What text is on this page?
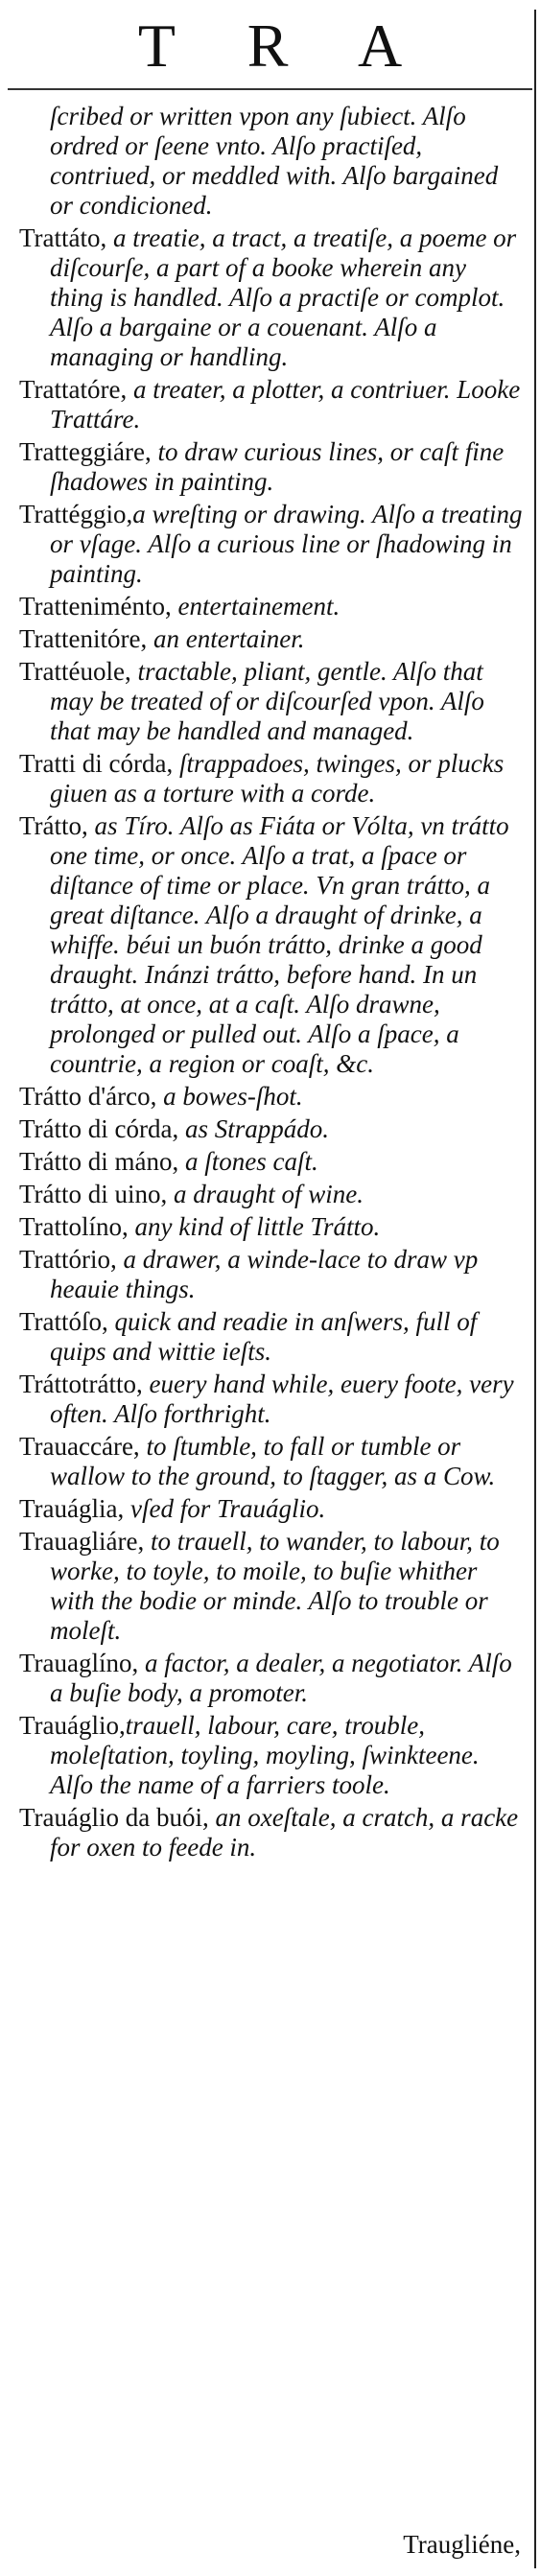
T R A
ſcribed or written vpon any ſubiect. Alſo ordred or ſeene vnto. Alſo practiſed, contriued, or meddled with. Alſo bargained or condicioned.
Trattáto, a treatie, a tract, a treatiſe, a poeme or diſcourſe, a part of a booke wherein any thing is handled. Alſo a practiſe or complot. Alſo a bargaine or a couenant. Alſo a managing or handling.
Trattatóre, a treater, a plotter, a contriuer. Looke Trattáre.
Tratteggiáre, to draw curious lines, or caſt fine ſhadowes in painting.
Trattéggio,a wreſting or drawing. Alſo a treating or vſage. Alſo a curious line or ſhadowing in painting.
Tratteniménto, entertainement.
Trattenitóre, an entertainer.
Trattéuole, tractable, pliant, gentle. Alſo that may be treated of or diſcourſed vpon. Alſo that may be handled and managed.
Tratti di córda, ſtrappadoes, twinges, or plucks giuen as a torture with a corde.
Trátto, as Tíro. Alſo as Fiáta or Vólta, vn trátto one time, or once. Alſo a trat, a ſpace or diſtance of time or place. Vn gran trátto, a great diſtance. Alſo a draught of drinke, a whiffe. béui un buón trátto, drinke a good draught. Inánzi trátto, before hand. In un trátto, at once, at a caſt. Alſo drawne, prolonged or pulled out. Alſo a ſpace, a countrie, a region or coaſt, &c.
Trátto d'árco, a bowes-ſhot.
Trátto di córda, as Strappádo.
Trátto di máno, a ſtones caſt.
Trátto di uino, a draught of wine.
Trattolíno, any kind of little Trátto.
Trattório, a drawer, a winde-lace to draw vp heauie things.
Trattóſo, quick and readie in anſwers, full of quips and wittie ieſts.
Tráttotrátto, euery hand while, euery foote, very often. Alſo forthright.
Trauaccáre, to ſtumble, to fall or tumble or wallow to the ground, to ſtagger, as a Cow.
Trauáglia, vſed for Trauáglio.
Trauagliáre, to trauell, to wander, to labour, to worke, to toyle, to moile, to buſie whither with the bodie or minde. Alſo to trouble or moleſt.
Trauaglíno, a factor, a dealer, a negotiator. Alſo a buſie body, a promoter.
Trauáglio,trauell, labour, care, trouble, moleſtation, toyling, moyling, ſwinkteene. Alſo the name of a farriers toole.
Trauáglio da buói, an oxeſtale, a cratch, a racke for oxen to feede in.
Traugliéne,
